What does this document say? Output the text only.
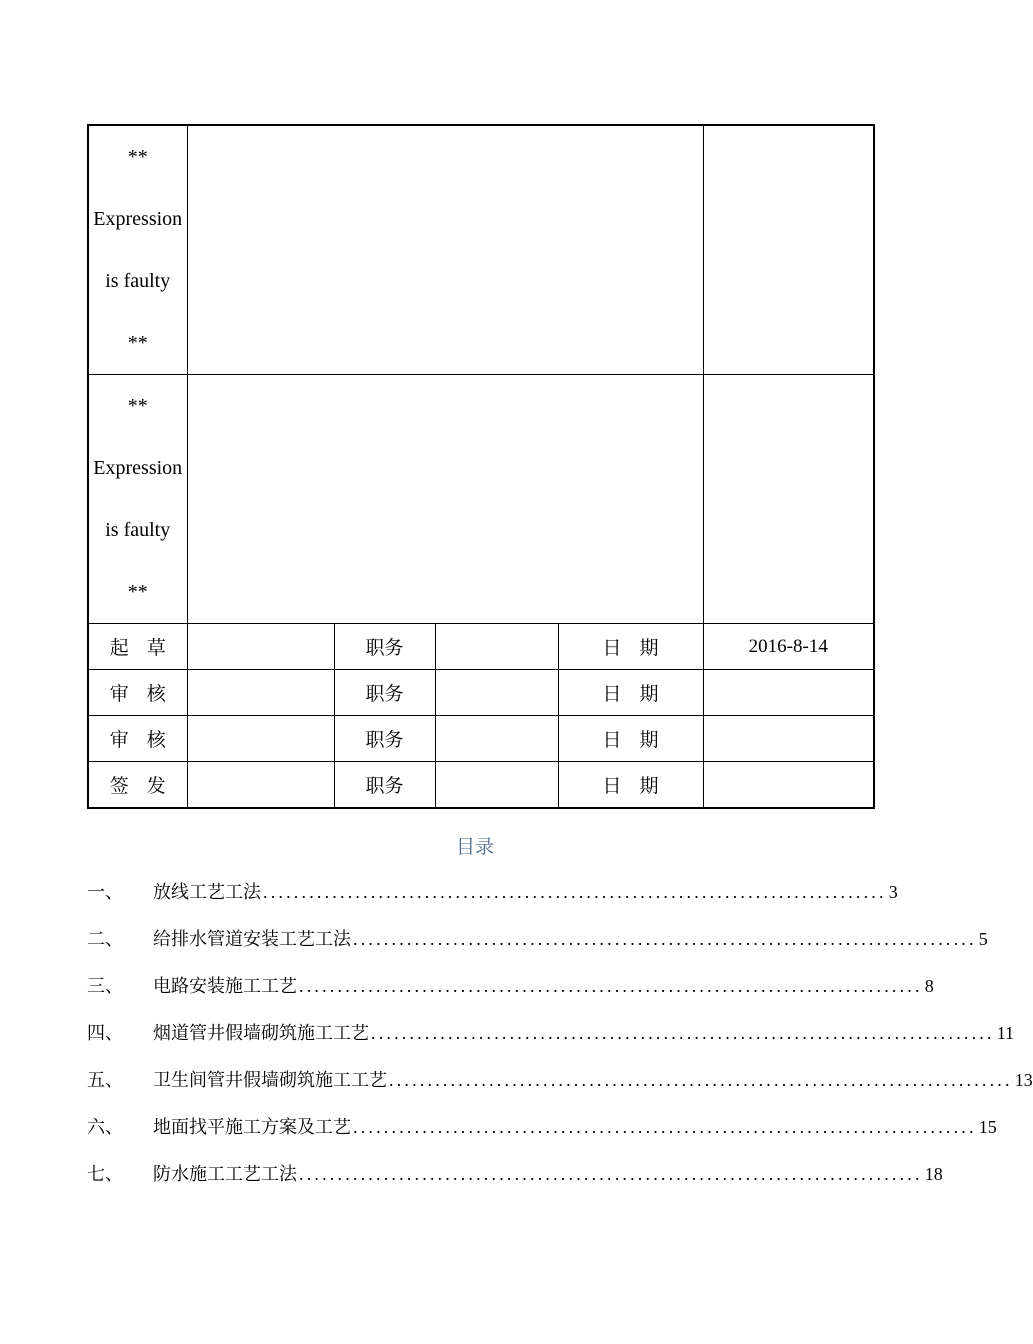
** Expression is faulty **					
** Expression is faulty **					
起草		职务		日期	2016-8-14
审核		职务		日期	
审核		职务		日期	
签发		职务		日期	
目录
一、	放线工艺工法 ................................................................................. 3
二、	给排水管道安装工艺工法 ................................................................................. 5
三、	电路安装施工工艺 ................................................................................. 8
四、	烟道管井假墙砌筑施工工艺 ................................................................................. 11
五、	卫生间管井假墙砌筑施工工艺 ................................................................................. 13
六、	地面找平施工方案及工艺 ................................................................................. 15
七、	防水施工工艺工法 ................................................................................. 18
